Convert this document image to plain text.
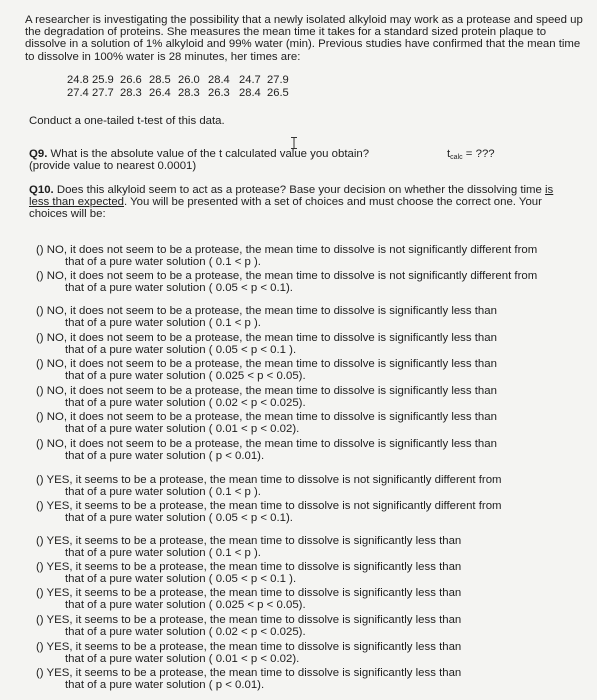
A researcher is investigating the possibility that a newly isolated alkyloid may work as a protease and speed up the degradation of proteins. She measures the mean time it takes for a standard sized protein plaque to dissolve in a solution of 1% alkyloid and 99% water (min). Previous studies have confirmed that the mean time to dissolve in 100% water is 28 minutes, her times are:
24.8 25.9 26.6 28.5 26.0 28.4 24.7 27.9
27.4 27.7 28.3 26.4 28.3 26.3 28.4 26.5
Conduct a one-tailed t-test of this data.
Q9. What is the absolute value of the t calculated value you obtain?
(provide value to nearest 0.0001)
$t_{calc}$ = ???
Q10. Does this alkyloid seem to act as a protease? Base your decision on whether the dissolving time is less than expected. You will be presented with a set of choices and must choose the correct one. Your choices will be:
() NO, it does not seem to be a protease, the mean time to dissolve is not significantly different from
that of a pure water solution ( 0.1 < p ).
() NO, it does not seem to be a protease, the mean time to dissolve is not significantly different from
that of a pure water solution ( 0.05 < p < 0.1).
() NO, it does not seem to be a protease, the mean time to dissolve is significantly less than
that of a pure water solution ( 0.1 < p ).
() NO, it does not seem to be a protease, the mean time to dissolve is significantly less than
that of a pure water solution ( 0.05 < p < 0.1 ).
() NO, it does not seem to be a protease, the mean time to dissolve is significantly less than
that of a pure water solution ( 0.025 < p < 0.05).
() NO, it does not seem to be a protease, the mean time to dissolve is significantly less than
that of a pure water solution ( 0.02 < p < 0.025).
() NO, it does not seem to be a protease, the mean time to dissolve is significantly less than
that of a pure water solution ( 0.01 < p < 0.02).
() NO, it does not seem to be a protease, the mean time to dissolve is significantly less than
that of a pure water solution ( p < 0.01).
() YES, it seems to be a protease, the mean time to dissolve is not significantly different from
that of a pure water solution ( 0.1 < p ).
() YES, it seems to be a protease, the mean time to dissolve is not significantly different from
that of a pure water solution ( 0.05 < p < 0.1).
() YES, it seems to be a protease, the mean time to dissolve is significantly less than
that of a pure water solution ( 0.1 < p ).
() YES, it seems to be a protease, the mean time to dissolve is significantly less than
that of a pure water solution ( 0.05 < p < 0.1 ).
() YES, it seems to be a protease, the mean time to dissolve is significantly less than
that of a pure water solution ( 0.025 < p < 0.05).
() YES, it seems to be a protease, the mean time to dissolve is significantly less than
that of a pure water solution ( 0.02 < p < 0.025).
() YES, it seems to be a protease, the mean time to dissolve is significantly less than
that of a pure water solution ( 0.01 < p < 0.02).
() YES, it seems to be a protease, the mean time to dissolve is significantly less than
that of a pure water solution ( p < 0.01).
